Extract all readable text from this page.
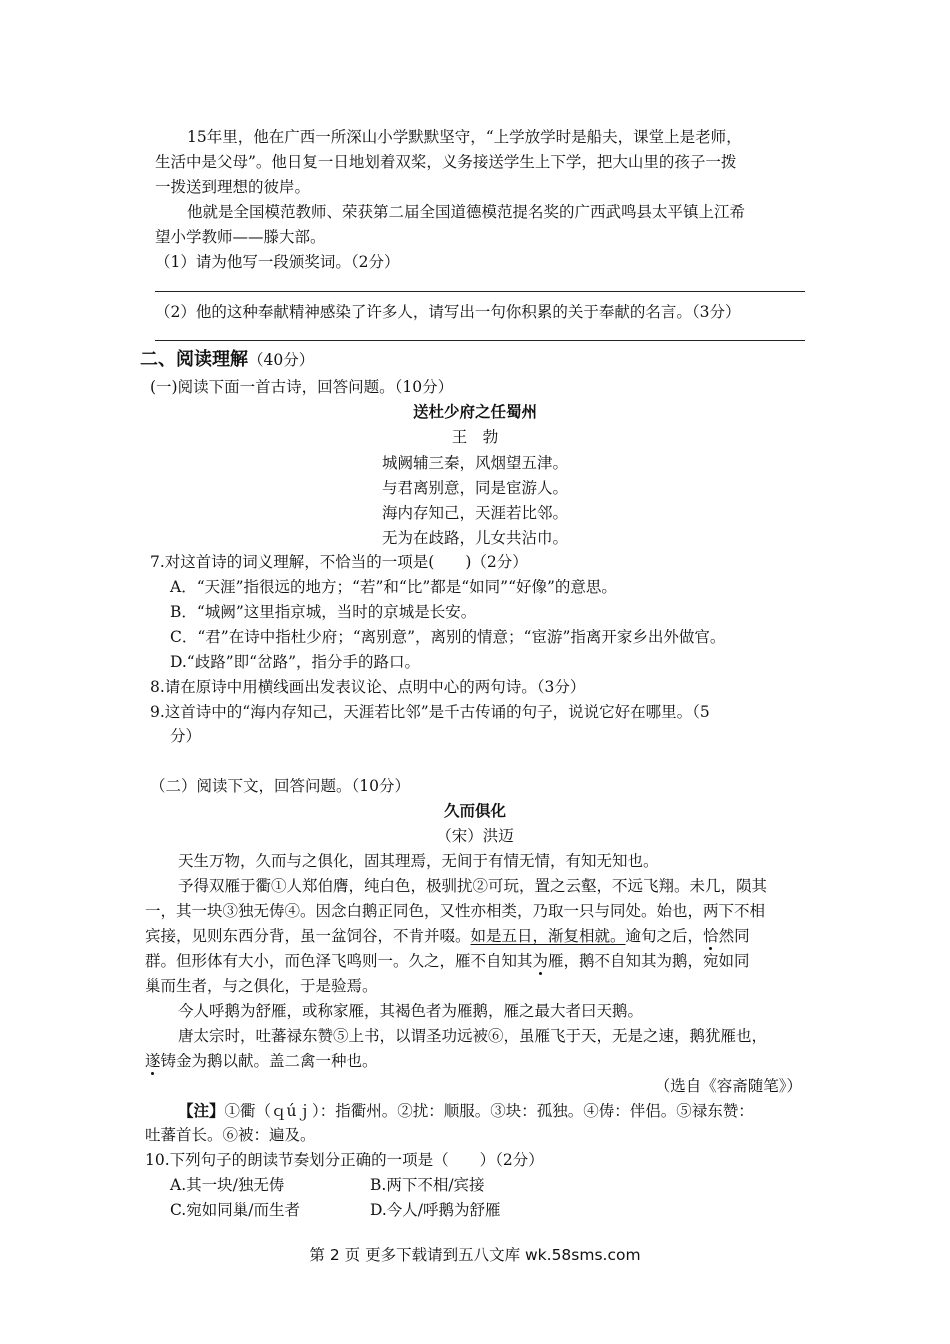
15年里，他在广西一所深山小学默默坚守，“上学放学时是船夫，课堂上是老师，
生活中是父母”。他日复一日地划着双桨，义务接送学生上下学，把大山里的孩子一拨
一拨送到理想的彼岸。
他就是全国模范教师、荣获第二届全国道德模范提名奖的广西武鸣县太平镇上江希
望小学教师——滕大部。
（1）请为他写一段颁奖词。（2分）
（2）他的这种奉献精神感染了许多人，请写出一句你积累的关于奉献的名言。（3分）
二、阅读理解（40分）
(一)阅读下面一首古诗，回答问题。（10分）
送杜少府之任蜀州
王　勃
城阙辅三秦，风烟望五津。
与君离别意，同是宦游人。
海内存知己，天涯若比邻。
无为在歧路，儿女共沾巾。
7.对这首诗的词义理解，不恰当的一项是(　　)（2分）
A．“天涯”指很远的地方；“若”和“比”都是“如同”“好像”的意思。
B．“城阙”这里指京城，当时的京城是长安。
C．“君”在诗中指杜少府；“离别意”，离别的情意；“宦游”指离开家乡出外做官。
D.“歧路”即“岔路”，指分手的路口。
8.请在原诗中用横线画出发表议论、点明中心的两句诗。（3分）
9.这首诗中的“海内存知己，天涯若比邻”是千古传诵的句子，说说它好在哪里。（5
分）
（二）阅读下文，回答问题。（10分）
久而俱化
（宋）洪迈
天生万物，久而与之俱化，固其理焉，无间于有情无情，有知无知也。
予得双雁于衢①人郑伯膺，纯白色，极驯扰②可玩，置之云壑，不远飞翔。未几，陨其
一，其一块③独无俦④。因念白鹅正同色，又性亦相类，乃取一只与同处。始也，两下不相
宾接，见则东西分背，虽一盆饲谷，不肯并啜。如是五日，渐复相就。逾旬之后，恰然同
群。但形体有大小，而色泽飞鸣则一。久之，雁不自知其为雁，鹅不自知其为鹅，宛如同
巢而生者，与之俱化，于是验焉。
今人呼鹅为舒雁，或称家雁，其褐色者为雁鹅，雁之最大者曰天鹅。
唐太宗时，吐蕃禄东赞⑤上书，以谓圣功远被⑥，虽雁飞于天，无是之速，鹅犹雁也，
遂铸金为鹅以献。盖二禽一种也。
（选自《容斋随笔》）
【注】①衢（ｑúｊ）：指衢州。②扰：顺服。③块：孤独。④俦：伴侣。⑤禄东赞：
吐蕃首长。⑥被：遍及。
10.下列句子的朗读节奏划分正确的一项是（　　）（2分）
A.其一块/独无俦	B.两下不相/宾接
C.宛如同巢/而生者	D.今人/呼鹅为舒雁
第 2 页 更多下载请到五八文库 wk.58sms.com
